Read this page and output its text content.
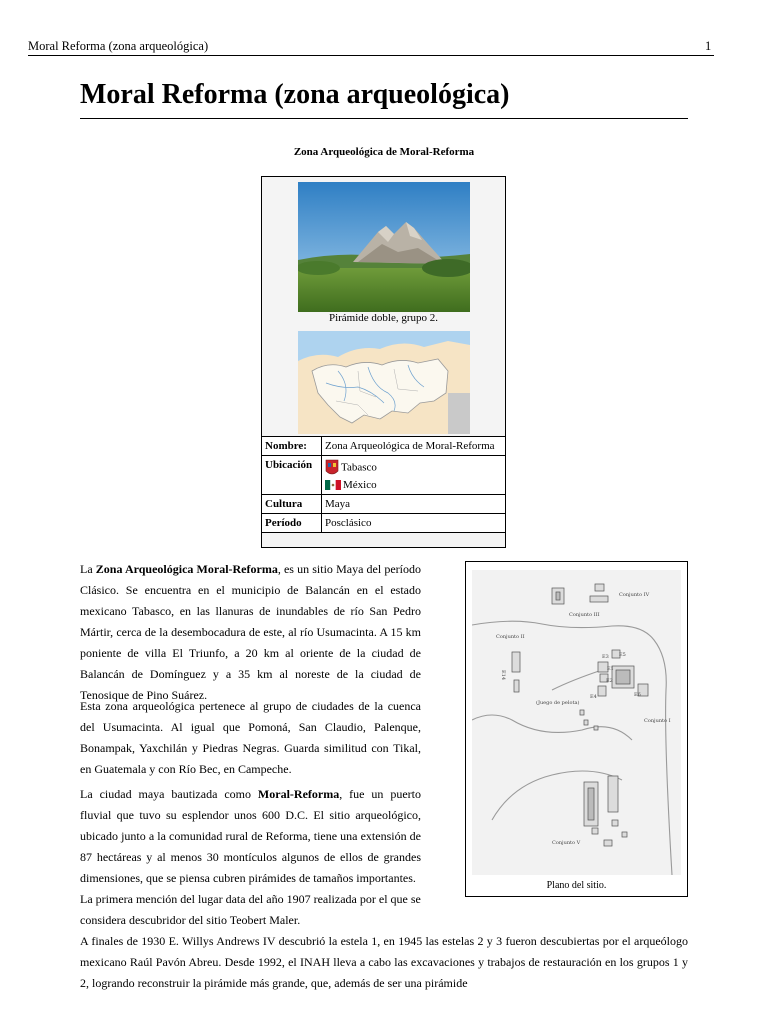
Moral Reforma (zona arqueológica)	1
Moral Reforma (zona arqueológica)
Zona Arqueológica de Moral-Reforma
Pirámide doble, grupo 2.
Nombre:	Zona Arqueológica de Moral-Reforma
Ubicación	Tabasco
México

Cultura	Maya
Período	Posclásico

La Zona Arqueológica Moral-Reforma, es un sitio Maya del período Clásico. Se encuentra en el municipio de Balancán en el estado mexicano Tabasco, en las llanuras de inundables de río San Pedro Mártir, cerca de la desembocadura de este, al río Usumacinta. A 15 km poniente de villa El Triunfo, a 20 km al oriente de la ciudad de Balancán de Domínguez y a 35 km al noreste de la ciudad de Tenosique de Pino Suárez.

Esta zona arqueológica pertenece al grupo de ciudades de la cuenca del Usumacinta. Al igual que Pomoná, San Claudio, Palenque, Bonampak, Yaxchilán y Piedras Negras. Guarda similitud con Tikal, en Guatemala y con Río Bec, en Campeche.

La ciudad maya bautizada como Moral-Reforma, fue un puerto fluvial que tuvo su esplendor unos 600 D.C. El sitio arqueológico, ubicado junto a la comunidad rural de Reforma, tiene una extensión de 87 hectáreas y al menos 30 montículos algunos de ellos de grandes dimensiones, que se piensa cubren pirámides de tamaños importantes.

La primera mención del lugar data del año 1907 realizada por el que se considera descubridor del sitio Teobert Maler.

A finales de 1930 E. Willys Andrews IV descubrió la estela 1, en 1945 las estelas 2 y 3 fueron descubiertas por el arqueólogo mexicano Raúl Pavón Abreu. Desde 1992, el INAH lleva a cabo las excavaciones y trabajos de restauración en los grupos 1 y 2, logrando reconstruir la pirámide más grande, que, además de ser una pirámide

Conjunto IV
Conjunto III
Conjunto II
Conjunto I
Conjunto V
(Juego de pelota)
E3 E5
E1
E2
E4	E6
E14
Plano del sitio.
